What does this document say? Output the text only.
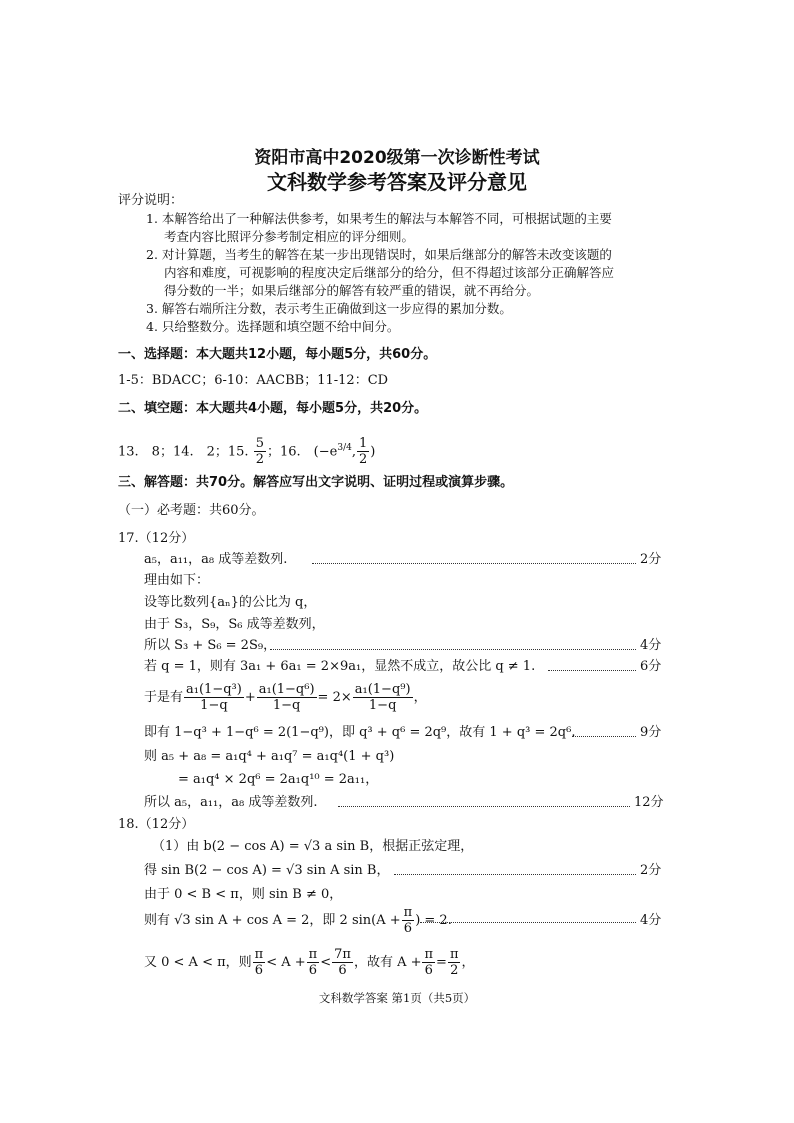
资阳市高中2020级第一次诊断性考试
文科数学参考答案及评分意见
评分说明：
1. 本解答给出了一种解法供参考，如果考生的解法与本解答不同，可根据试题的主要
考查内容比照评分参考制定相应的评分细则。
2. 对计算题，当考生的解答在某一步出现错误时，如果后继部分的解答未改变该题的
内容和难度，可视影响的程度决定后继部分的给分，但不得超过该部分正确解答应
得分数的一半；如果后继部分的解答有较严重的错误，就不再给分。
3. 解答右端所注分数，表示考生正确做到这一步应得的累加分数。
4. 只给整数分。选择题和填空题不给中间分。
一、选择题：本大题共12小题，每小题5分，共60分。
1-5：BDACC；6-10：AACBB；11-12：CD
二、填空题：本大题共4小题，每小题5分，共20分。
13.　8；14.　2；15. $\frac{5}{2}$ ；16.　($-e^{3/4}$, $\frac{1}{2}$ )
三、解答题：共70分。解答应写出文字说明、证明过程或演算步骤。
（一）必考题：共60分。
17.（12分）
a₅，a₁₁，a₈ 成等差数列.	2分
理由如下：
设等比数列{aₙ}的公比为 q，
由于 S₃，S₉，S₆ 成等差数列，
所以 S₃ + S₆ = 2S₉，	4分
若 q = 1，则有 3a₁ + 6a₁ = 2×9a₁，显然不成立，故公比 q ≠ 1.	6分
于是有 $\frac{\text{a₁(1−q³)}}{1-q} + \frac{\text{a₁(1−q⁶)}}{1-q} = 2\times \frac{\text{a₁(1−q⁹)}}{1-q}$ ，
即有 1−q³ + 1−q⁶ = 2(1−q⁹)，即 q³ + q⁶ = 2q⁹，故有 1 + q³ = 2q⁶.	9分
则 a₅ + a₈ = a₁q⁴ + a₁q⁷ = a₁q⁴(1 + q³)
= a₁q⁴ × 2q⁶ = 2a₁q¹⁰ = 2a₁₁，
所以 a₅，a₁₁，a₈ 成等差数列.	12分
18.（12分）
（1）由 b(2 − cos A) = √3 a sin B，根据正弦定理，
得 sin B(2 − cos A) = √3 sin A sin B，	2分
由于 0 < B < π，则 sin B ≠ 0，
则有 √3 sin A + cos A = 2，即 2 $\sin(A + \frac{\pi}{6}$ ) = 2.	4分
又 0 < A < π，则 $\frac{\pi}{6} < A + \frac{\pi}{6} < \frac{7\pi}{6}$ ，故有 $A + \frac{\pi}{6} = \frac{\pi}{2}$ ，
文科数学答案 第1页（共5页）
